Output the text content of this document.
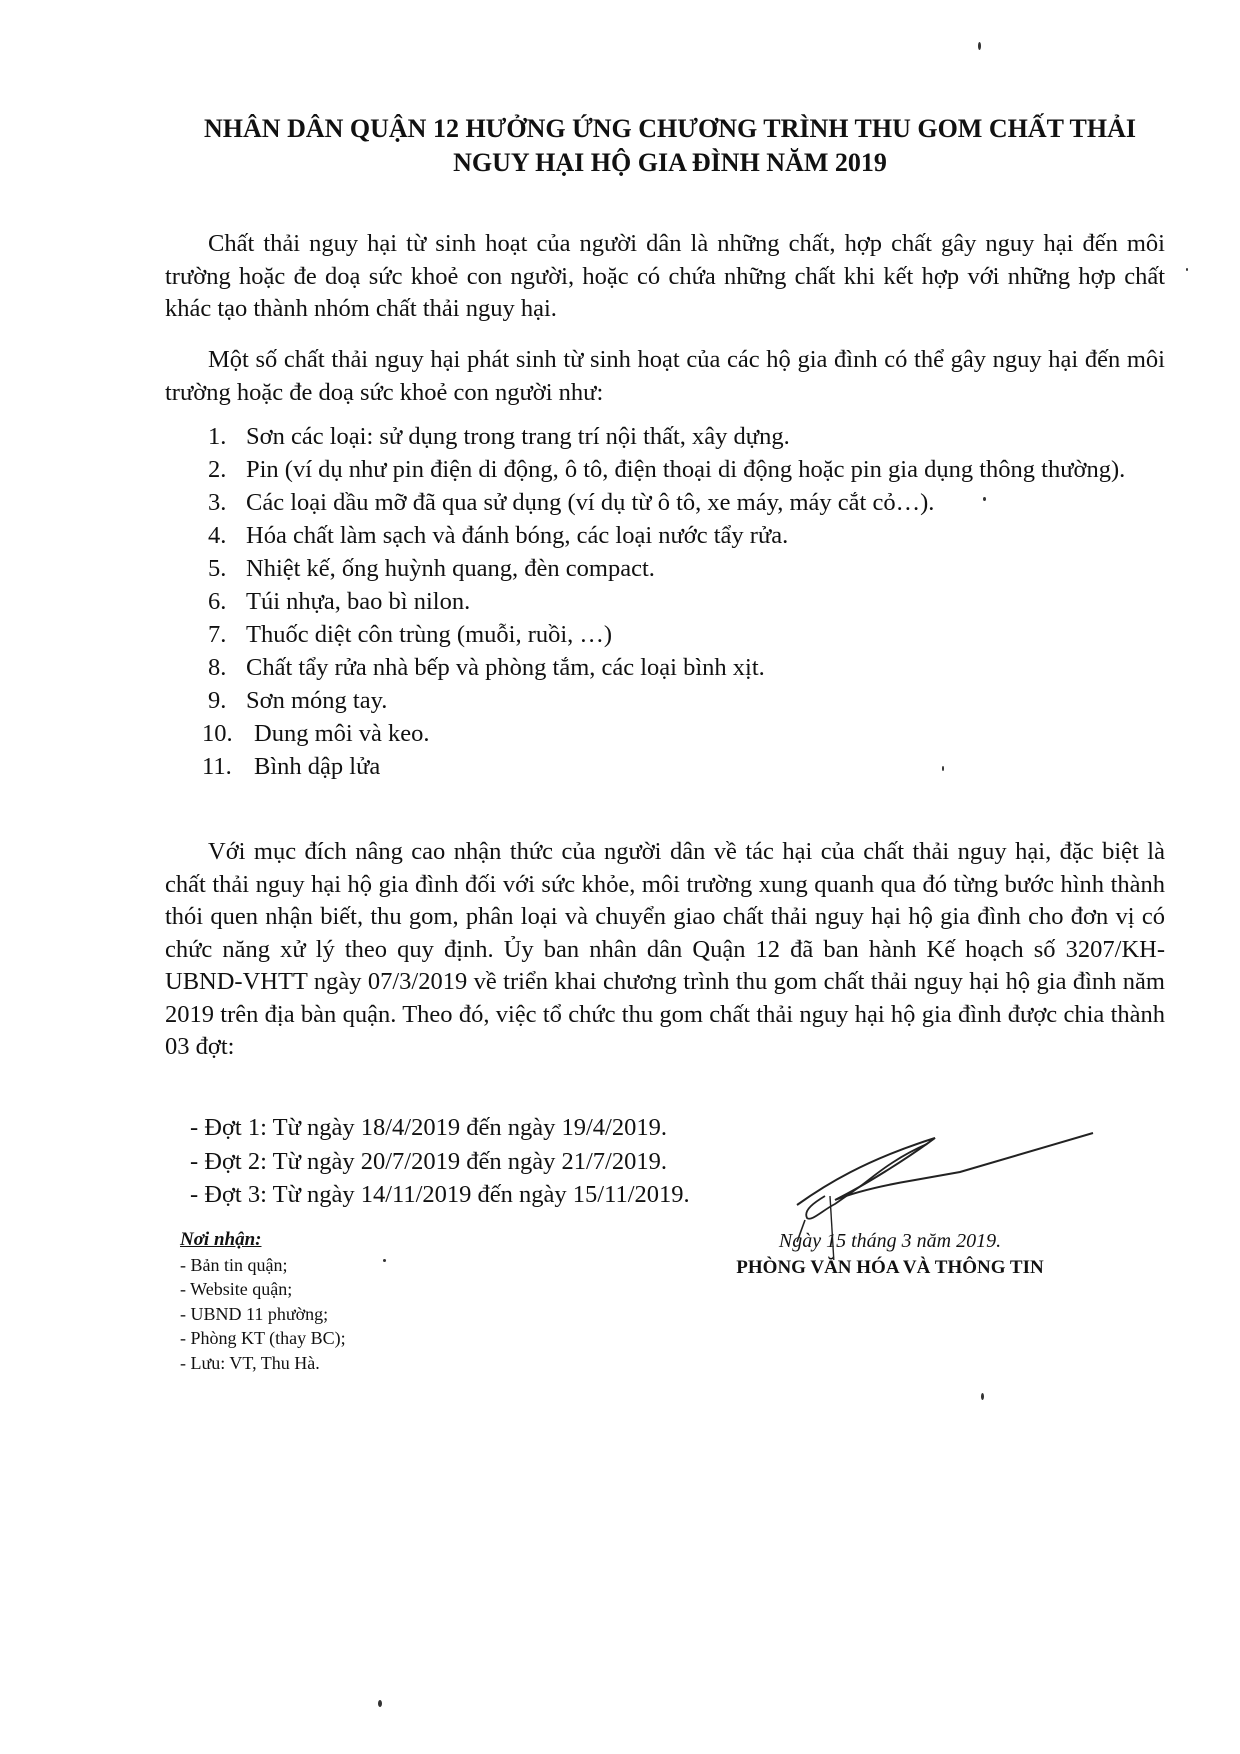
NHÂN DÂN QUẬN 12 HƯỞNG ỨNG CHƯƠNG TRÌNH THU GOM CHẤT THẢI NGUY HẠI HỘ GIA ĐÌNH NĂM 2019

Chất thải nguy hại từ sinh hoạt của người dân là những chất, hợp chất gây nguy hại đến môi trường hoặc đe doạ sức khoẻ con người, hoặc có chứa những chất khi kết hợp với những hợp chất khác tạo thành nhóm chất thải nguy hại.

Một số chất thải nguy hại phát sinh từ sinh hoạt của các hộ gia đình có thể gây nguy hại đến môi trường hoặc đe doạ sức khoẻ con người như:

1. Sơn các loại: sử dụng trong trang trí nội thất, xây dựng.
2. Pin (ví dụ như pin điện di động, ô tô, điện thoại di động hoặc pin gia dụng thông thường).
3. Các loại dầu mỡ đã qua sử dụng (ví dụ từ ô tô, xe máy, máy cắt cỏ…).
4. Hóa chất làm sạch và đánh bóng, các loại nước tẩy rửa.
5. Nhiệt kế, ống huỳnh quang, đèn compact.
6. Túi nhựa, bao bì nilon.
7. Thuốc diệt côn trùng (muỗi, ruồi, …)
8. Chất tẩy rửa nhà bếp và phòng tắm, các loại bình xịt.
9. Sơn móng tay.
10. Dung môi và keo.
11. Bình dập lửa

Với mục đích nâng cao nhận thức của người dân về tác hại của chất thải nguy hại, đặc biệt là chất thải nguy hại hộ gia đình đối với sức khỏe, môi trường xung quanh qua đó từng bước hình thành thói quen nhận biết, thu gom, phân loại và chuyển giao chất thải nguy hại hộ gia đình cho đơn vị có chức năng xử lý theo quy định. Ủy ban nhân dân Quận 12 đã ban hành Kế hoạch số 3207/KH-UBND-VHTT ngày 07/3/2019 về triển khai chương trình thu gom chất thải nguy hại hộ gia đình năm 2019 trên địa bàn quận. Theo đó, việc tổ chức thu gom chất thải nguy hại hộ gia đình được chia thành 03 đợt:

- Đợt 1: Từ ngày 18/4/2019 đến ngày 19/4/2019.
- Đợt 2: Từ ngày 20/7/2019 đến ngày 21/7/2019.
- Đợt 3: Từ ngày 14/11/2019 đến ngày 15/11/2019.
Nơi nhận:
- Bản tin quận;
- Website quận;
- UBND 11 phường;
- Phòng KT (thay BC);
- Lưu: VT, Thu Hà.
Ngày 15 tháng 3 năm 2019.
PHÒNG VĂN HÓA VÀ THÔNG TIN
